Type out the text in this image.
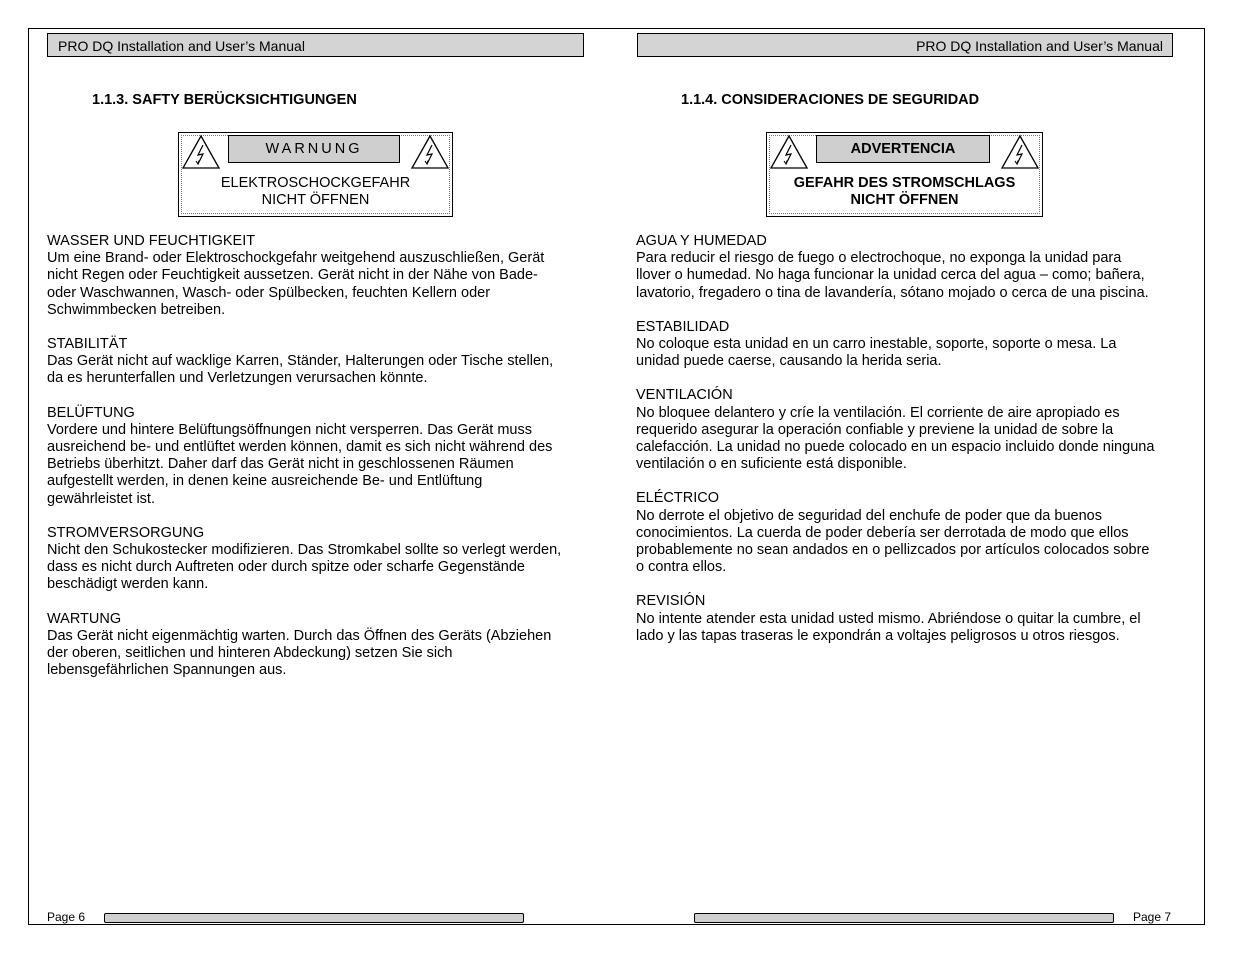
PRO DQ Installation and User’s Manual
1.1.3. SAFTY BERÜCKSICHTIGUNGEN
WARNUNG
ELEKTROSCHOCKGEFAHR
NICHT ÖFFNEN
WASSER UND FEUCHTIGKEIT
Um eine Brand- oder Elektroschockgefahr weitgehend auszuschließen, Gerät
nicht Regen oder Feuchtigkeit aussetzen. Gerät nicht in der Nähe von Bade-
oder Waschwannen, Wasch- oder Spülbecken, feuchten Kellern oder
Schwimmbecken betreiben.
STABILITÄT
Das Gerät nicht auf wacklige Karren, Ständer, Halterungen oder Tische stellen,
da es herunterfallen und Verletzungen verursachen könnte.
BELÜFTUNG
Vordere und hintere Belüftungsöffnungen nicht versperren. Das Gerät muss
ausreichend be- und entlüftet werden können, damit es sich nicht während des
Betriebs überhitzt. Daher darf das Gerät nicht in geschlossenen Räumen
aufgestellt werden, in denen keine ausreichende Be- und Entlüftung
gewährleistet ist.
STROMVERSORGUNG
Nicht den Schukostecker modifizieren. Das Stromkabel sollte so verlegt werden,
dass es nicht durch Auftreten oder durch spitze oder scharfe Gegenstände
beschädigt werden kann.
WARTUNG
Das Gerät nicht eigenmächtig warten. Durch das Öffnen des Geräts (Abziehen
der oberen, seitlichen und hinteren Abdeckung) setzen Sie sich
lebensgefährlichen Spannungen aus.
Page 6
PRO DQ Installation and User’s Manual
1.1.4. CONSIDERACIONES DE SEGURIDAD
ADVERTENCIA
GEFAHR DES STROMSCHLAGS
NICHT ÖFFNEN
AGUA Y HUMEDAD
Para reducir el riesgo de fuego o electrochoque, no exponga la unidad para
llover o humedad. No haga funcionar la unidad cerca del agua – como; bañera,
lavatorio, fregadero o tina de lavandería, sótano mojado o cerca de una piscina.
ESTABILIDAD
No coloque esta unidad en un carro inestable, soporte, soporte o mesa. La
unidad puede caerse, causando la herida seria.
VENTILACIÓN
No bloquee delantero y críe la ventilación. El corriente de aire apropiado es
requerido asegurar la operación confiable y previene la unidad de sobre la
calefacción. La unidad no puede colocado en un espacio incluido donde ninguna
ventilación o en suficiente está disponible.
ELÉCTRICO
No derrote el objetivo de seguridad del enchufe de poder que da buenos
conocimientos. La cuerda de poder debería ser derrotada de modo que ellos
probablemente no sean andados en o pellizcados por artículos colocados sobre
o contra ellos.
REVISIÓN
No intente atender esta unidad usted mismo. Abriéndose o quitar la cumbre, el
lado y las tapas traseras le expondrán a voltajes peligrosos u otros riesgos.
Page 7
